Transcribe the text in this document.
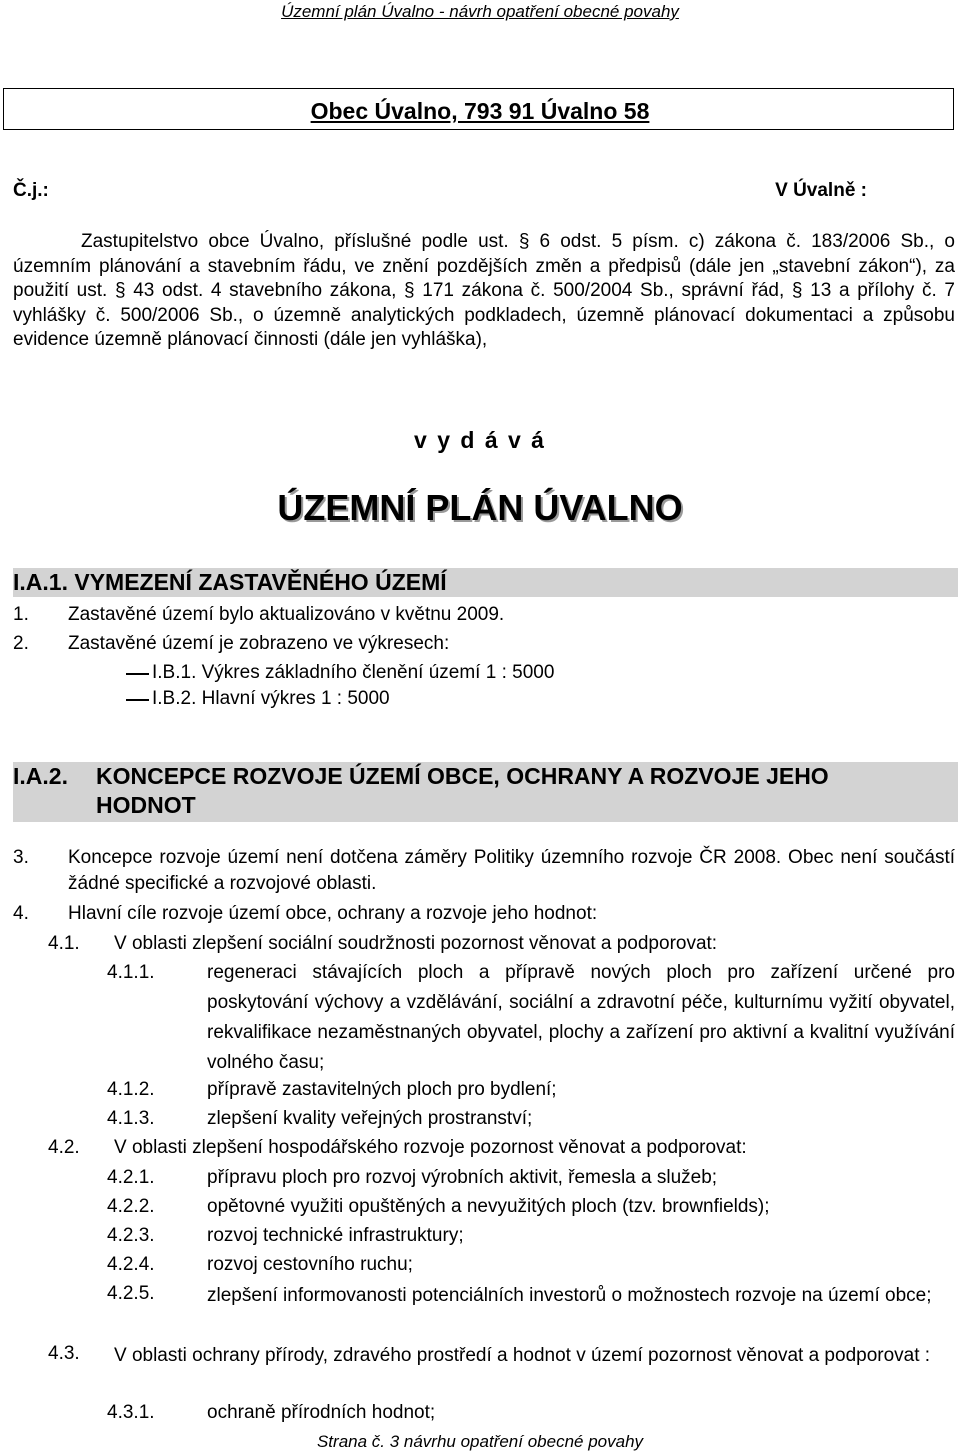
Územní plán Úvalno - návrh opatření obecné povahy
Obec Úvalno, 793 91 Úvalno 58
Č.j.:	V Úvalně :

Zastupitelstvo obce Úvalno, příslušné podle ust. § 6 odst. 5 písm. c) zákona č. 183/2006 Sb., o územním plánování a stavebním řádu, ve znění pozdějších změn a předpisů (dále jen „stavební zákon“), za použití ust. § 43 odst. 4 stavebního zákona, § 171 zákona č. 500/2004 Sb., správní řád, § 13 a přílohy č. 7 vyhlášky č. 500/2006 Sb., o územně analytických podkladech, územně plánovací dokumentaci a způsobu evidence územně plánovací činnosti (dále jen vyhláška),

v y d á v á
ÚZEMNÍ PLÁN ÚVALNO
I.A.1. VYMEZENÍ ZASTAVĚNÉHO ÚZEMÍ
1. Zastavěné území bylo aktualizováno v květnu 2009.
2. Zastavěné území je zobrazeno ve výkresech:
I.B.1. Výkres základního členění území 1 : 5000
I.B.2. Hlavní výkres 1 : 5000
I.A.2. KONCEPCE ROZVOJE ÚZEMÍ OBCE, OCHRANY A ROZVOJE JEHO HODNOT
3. Koncepce rozvoje území není dotčena záměry Politiky územního rozvoje ČR 2008. Obec není součástí žádné specifické a rozvojové oblasti.
4. Hlavní cíle rozvoje území obce, ochrany a rozvoje jeho hodnot:
4.1. V oblasti zlepšení sociální soudržnosti pozornost věnovat a podporovat:
4.1.1.	regeneraci stávajících ploch a přípravě nových ploch pro zařízení určené pro poskytování výchovy a vzdělávání, sociální a zdravotní péče, kulturnímu vyžití obyvatel, rekvalifikace nezaměstnaných obyvatel, plochy a zařízení pro aktivní a kvalitní využívání volného času;
4.1.2.	přípravě zastavitelných ploch pro bydlení;
4.1.3.	zlepšení kvality veřejných prostranství;
4.2. V oblasti zlepšení hospodářského rozvoje pozornost věnovat a podporovat:
4.2.1.	přípravu ploch pro rozvoj výrobních aktivit, řemesla a služeb;
4.2.2.	opětovné využiti opuštěných a nevyužitých ploch (tzv. brownfields);
4.2.3.	rozvoj technické infrastruktury;
4.2.4.	rozvoj cestovního ruchu;
4.2.5.	zlepšení informovanosti potenciálních investorů o možnostech rozvoje na území obce;
4.3. V oblasti ochrany přírody, zdravého prostředí a hodnot v území pozornost věnovat a podporovat :
4.3.1.	ochraně přírodních hodnot;
Strana č. 3 návrhu opatření obecné povahy
